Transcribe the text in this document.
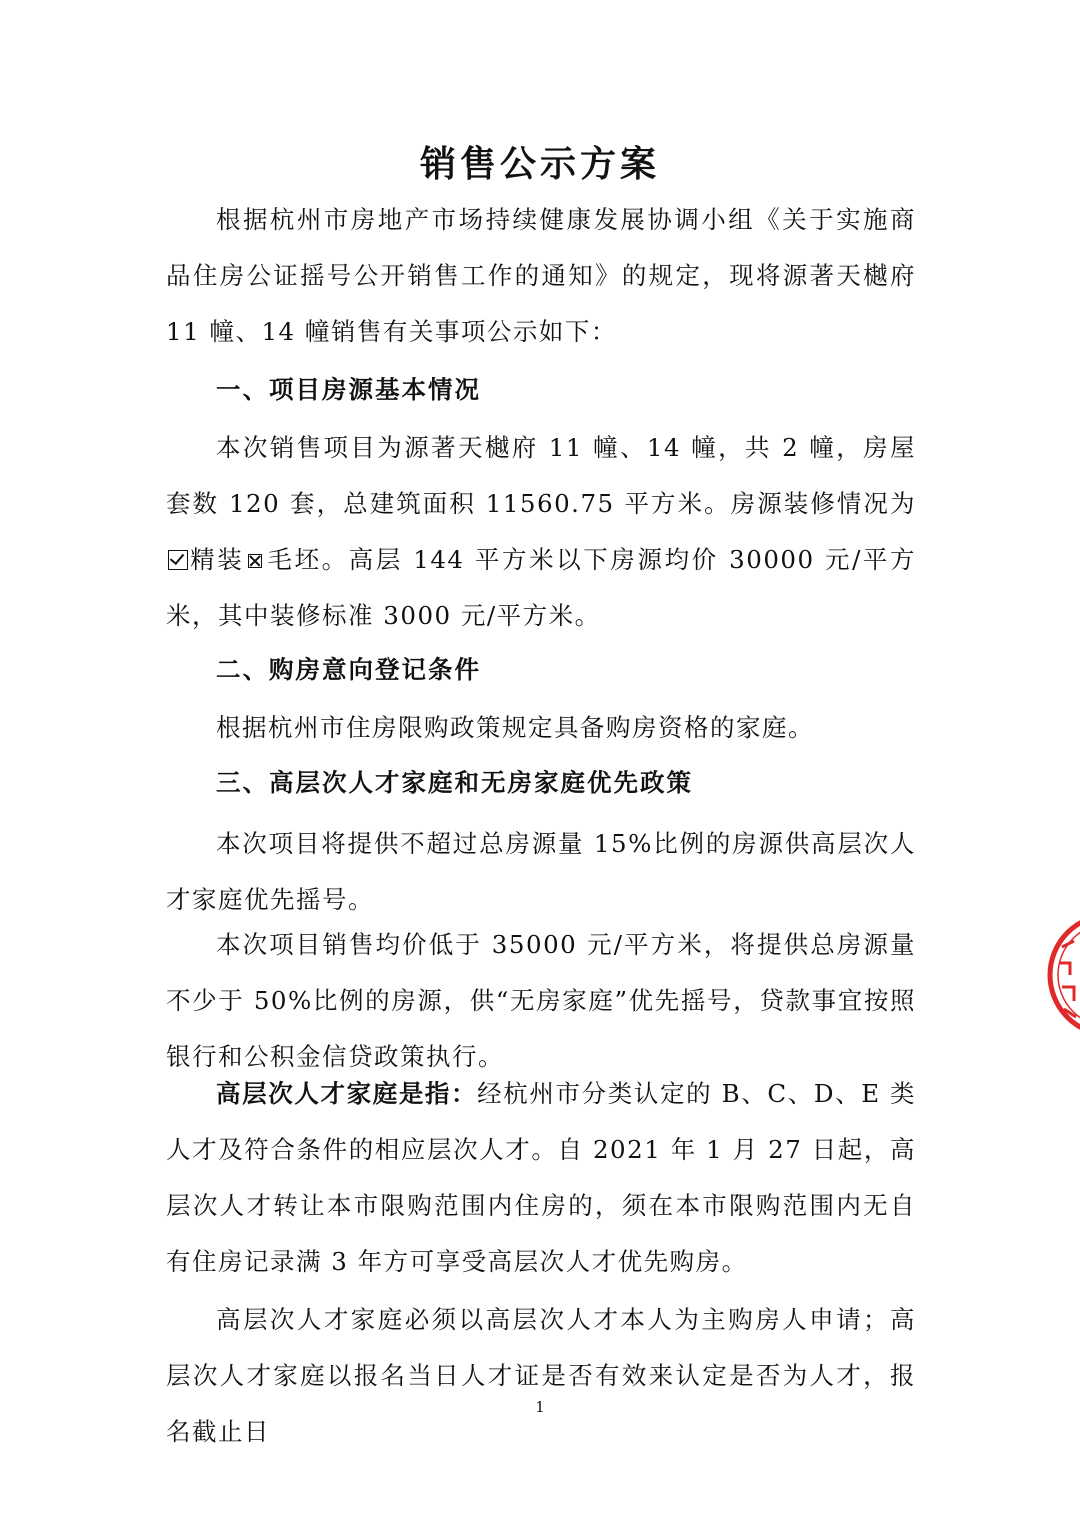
销售公示方案
根据杭州市房地产市场持续健康发展协调小组《关于实施商品住房公证摇号公开销售工作的通知》的规定，现将源著天樾府 11 幢、14 幢销售有关事项公示如下：
一、项目房源基本情况
本次销售项目为源著天樾府 11 幢、14 幢，共 2 幢，房屋套数 120 套，总建筑面积 11560.75 平方米。房源装修情况为精装 毛坯。高层 144 平方米以下房源均价 30000 元/平方米，其中装修标准 3000 元/平方米。
二、购房意向登记条件
根据杭州市住房限购政策规定具备购房资格的家庭。
三、高层次人才家庭和无房家庭优先政策
本次项目将提供不超过总房源量 15%比例的房源供高层次人才家庭优先摇号。
本次项目销售均价低于 35000 元/平方米，将提供总房源量不少于 50%比例的房源，供“无房家庭”优先摇号，贷款事宜按照银行和公积金信贷政策执行。
高层次人才家庭是指：经杭州市分类认定的 B、C、D、E 类人才及符合条件的相应层次人才。自 2021 年 1 月 27 日起，高层次人才转让本市限购范围内住房的，须在本市限购范围内无自有住房记录满 3 年方可享受高层次人才优先购房。
高层次人才家庭必须以高层次人才本人为主购房人申请；高层次人才家庭以报名当日人才证是否有效来认定是否为人才，报名截止日
1
